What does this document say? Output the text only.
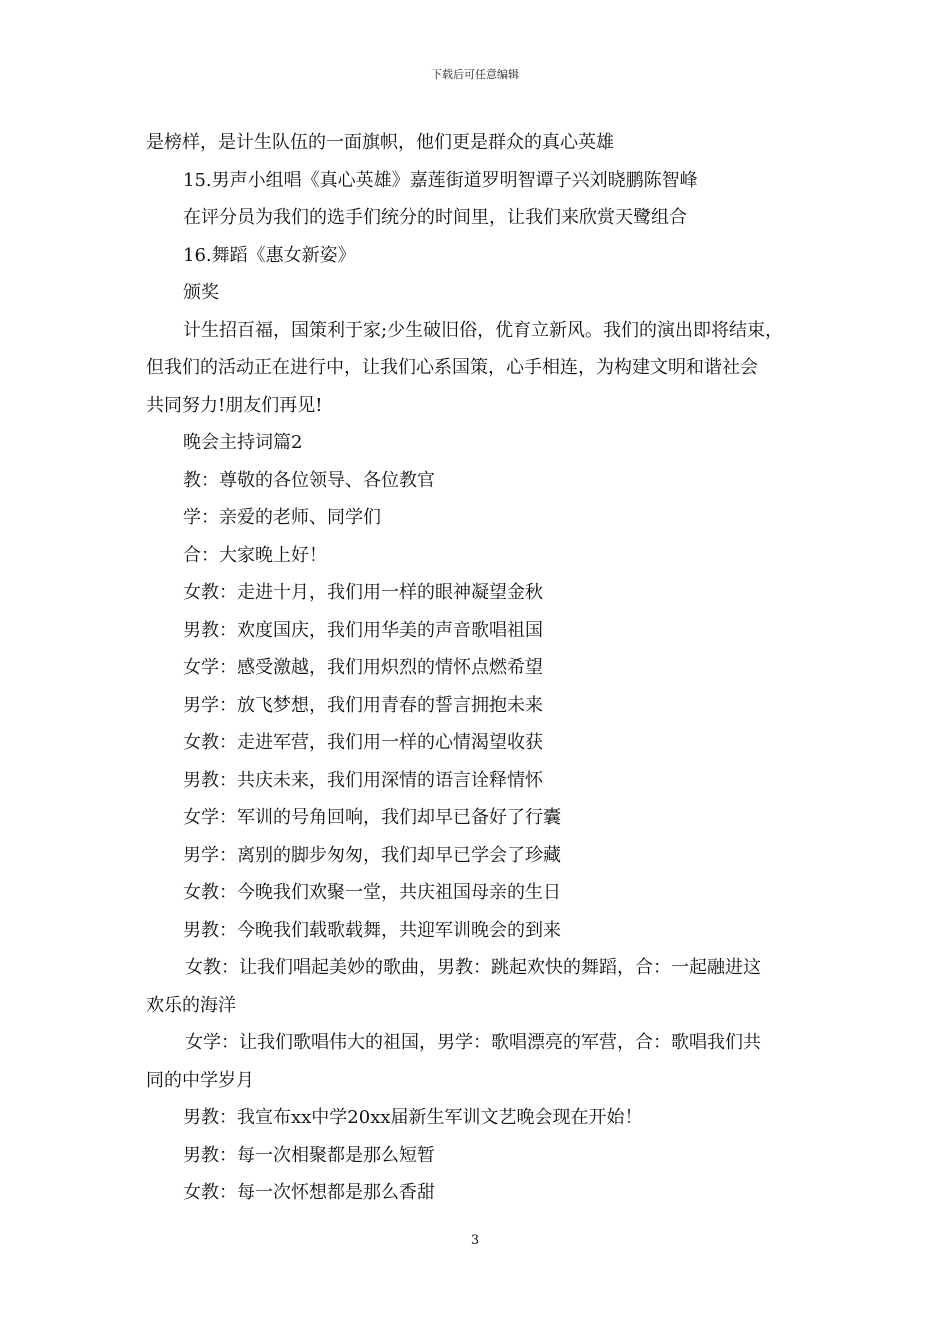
下载后可任意编辑

是榜样，是计生队伍的一面旗帜，他们更是群众的真心英雄

15.男声小组唱《真心英雄》嘉莲街道罗明智谭子兴刘晓鹏陈智峰

在评分员为我们的选手们统分的时间里，让我们来欣赏天鹭组合

16.舞蹈《惠女新姿》

颁奖

计生招百福，国策利于家;少生破旧俗，优育立新风。我们的演出即将结束，

但我们的活动正在进行中，让我们心系国策，心手相连，为构建文明和谐社会

共同努力!朋友们再见!

晚会主持词篇2

教：尊敬的各位领导、各位教官

学：亲爱的老师、同学们

合：大家晚上好！

女教：走进十月，我们用一样的眼神凝望金秋

男教：欢度国庆，我们用华美的声音歌唱祖国

女学：感受激越，我们用炽烈的情怀点燃希望

男学：放飞梦想，我们用青春的誓言拥抱未来

女教：走进军营，我们用一样的心情渴望收获

男教：共庆未来，我们用深情的语言诠释情怀

女学：军训的号角回响，我们却早已备好了行囊

男学：离别的脚步匆匆，我们却早已学会了珍藏

女教：今晚我们欢聚一堂，共庆祖国母亲的生日

男教：今晚我们载歌载舞，共迎军训晚会的到来

女教：让我们唱起美妙的歌曲，男教：跳起欢快的舞蹈，合：一起融进这

欢乐的海洋

女学：让我们歌唱伟大的祖国，男学：歌唱漂亮的军营，合：歌唱我们共

同的中学岁月

男教：我宣布xx中学20xx届新生军训文艺晚会现在开始！

男教：每一次相聚都是那么短暂

女教：每一次怀想都是那么香甜

3
